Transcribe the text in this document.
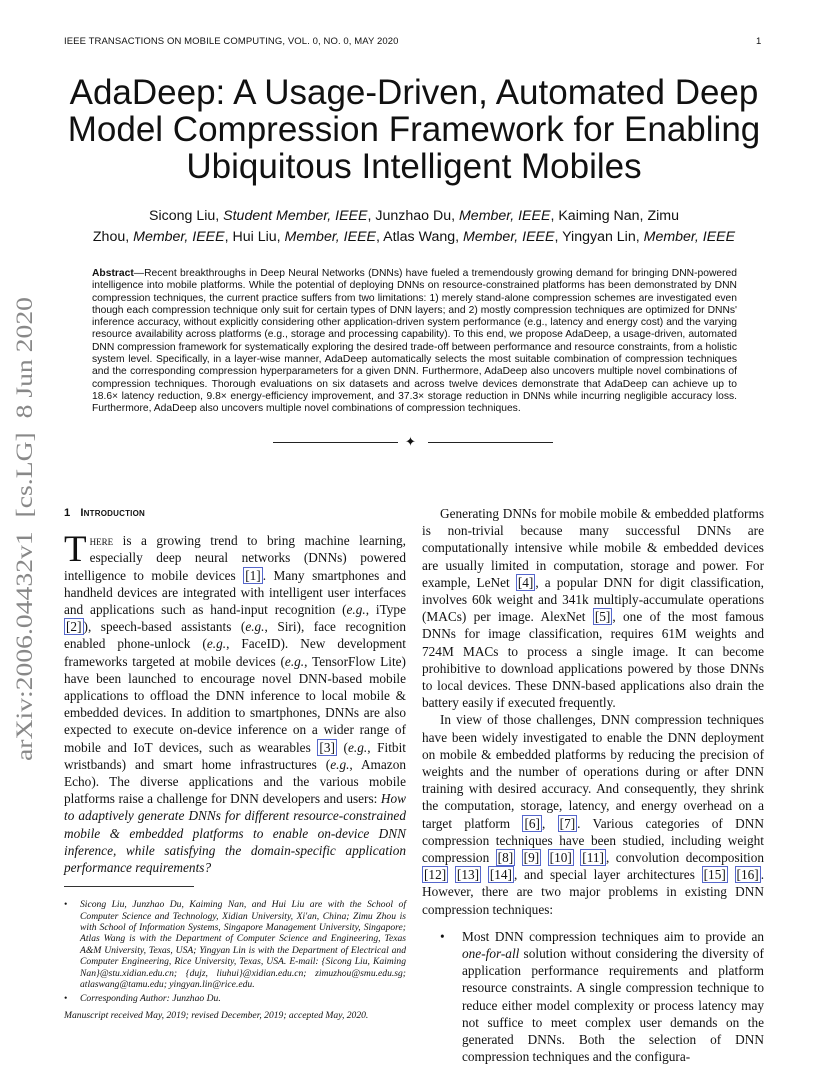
IEEE TRANSACTIONS ON MOBILE COMPUTING, VOL. 0, NO. 0, MAY 2020	1
arXiv:2006.04432v1  [cs.LG]  8 Jun 2020
AdaDeep: A Usage-Driven, Automated Deep
Model Compression Framework for Enabling
Ubiquitous Intelligent Mobiles
Sicong Liu, Student Member, IEEE, Junzhao Du, Member, IEEE, Kaiming Nan, Zimu
Zhou, Member, IEEE, Hui Liu, Member, IEEE, Atlas Wang, Member, IEEE, Yingyan Lin, Member, IEEE
Abstract—Recent breakthroughs in Deep Neural Networks (DNNs) have fueled a tremendously growing demand for bringing DNN-powered intelligence into mobile platforms. While the potential of deploying DNNs on resource-constrained platforms has been demonstrated by DNN compression techniques, the current practice suffers from two limitations: 1) merely stand-alone compression schemes are investigated even though each compression technique only suit for certain types of DNN layers; and 2) mostly compression techniques are optimized for DNNs' inference accuracy, without explicitly considering other application-driven system performance (e.g., latency and energy cost) and the varying resource availability across platforms (e.g., storage and processing capability). To this end, we propose AdaDeep, a usage-driven, automated DNN compression framework for systematically exploring the desired trade-off between performance and resource constraints, from a holistic system level. Specifically, in a layer-wise manner, AdaDeep automatically selects the most suitable combination of compression techniques and the corresponding compression hyperparameters for a given DNN. Furthermore, AdaDeep also uncovers multiple novel combinations of compression techniques. Thorough evaluations on six datasets and across twelve devices demonstrate that AdaDeep can achieve up to 18.6× latency reduction, 9.8× energy-efficiency improvement, and 37.3× storage reduction in DNNs while incurring negligible accuracy loss. Furthermore, AdaDeep also uncovers multiple novel combinations of compression techniques.
✦
1 Introduction

There is a growing trend to bring machine learning, especially deep neural networks (DNNs) powered intelligence to mobile devices [1] . Many smartphones and handheld devices are integrated with intelligent user interfaces and applications such as hand-input recognition (e.g., iType [2] ), speech-based assistants (e.g., Siri), face recognition enabled phone-unlock (e.g., FaceID). New development frameworks targeted at mobile devices (e.g., TensorFlow Lite) have been launched to encourage novel DNN-based mobile applications to offload the DNN inference to local mobile & embedded devices. In addition to smartphones, DNNs are also expected to execute on-device inference on a wider range of mobile and IoT devices, such as wearables [3] (e.g., Fitbit wristbands) and smart home infrastructures (e.g., Amazon Echo). The diverse applications and the various mobile platforms raise a challenge for DNN developers and users: How to adaptively generate DNNs for different resource-constrained mobile & embedded platforms to enable on-device DNN inference, while satisfying the domain-specific application performance requirements?

• Sicong Liu, Junzhao Du, Kaiming Nan, and Hui Liu are with the School of Computer Science and Technology, Xidian University, Xi'an, China; Zimu Zhou is with School of Information Systems, Singapore Management University, Singapore; Atlas Wang is with the Department of Computer Science and Engineering, Texas A&M University, Texas, USA; Yingyan Lin is with the Department of Electrical and Computer Engineering, Rice University, Texas, USA. E-mail: {Sicong Liu, Kaiming Nan}@stu.xidian.edu.cn; {dujz, liuhui}@xidian.edu.cn; zimuzhou@smu.edu.sg; atlaswang@tamu.edu; yingyan.lin@rice.edu.
• Corresponding Author: Junzhao Du.
Manuscript received May, 2019; revised December, 2019; accepted May, 2020.

Generating DNNs for mobile mobile & embedded platforms is non-trivial because many successful DNNs are computationally intensive while mobile & embedded devices are usually limited in computation, storage and power. For example, LeNet [4] , a popular DNN for digit classification, involves 60k weight and 341k multiply-accumulate operations (MACs) per image. AlexNet [5] , one of the most famous DNNs for image classification, requires 61M weights and 724M MACs to process a single image. It can become prohibitive to download applications powered by those DNNs to local devices. These DNN-based applications also drain the battery easily if executed frequently.

In view of those challenges, DNN compression techniques have been widely investigated to enable the DNN deployment on mobile & embedded platforms by reducing the precision of weights and the number of operations during or after DNN training with desired accuracy. And consequently, they shrink the computation, storage, latency, and energy overhead on a target platform [6] , [7] . Various categories of DNN compression techniques have been studied, including weight compression [8] [9] [10] [11] , convolution decomposition [12] [13] [14] , and special layer architectures [15] [16] . However, there are two major problems in existing DNN compression techniques:

• Most DNN compression techniques aim to provide an one-for-all solution without considering the diversity of application performance requirements and platform resource constraints. A single compression technique to reduce either model complexity or process latency may not suffice to meet complex user demands on the generated DNNs. Both the selection of DNN compression techniques and the configura-
